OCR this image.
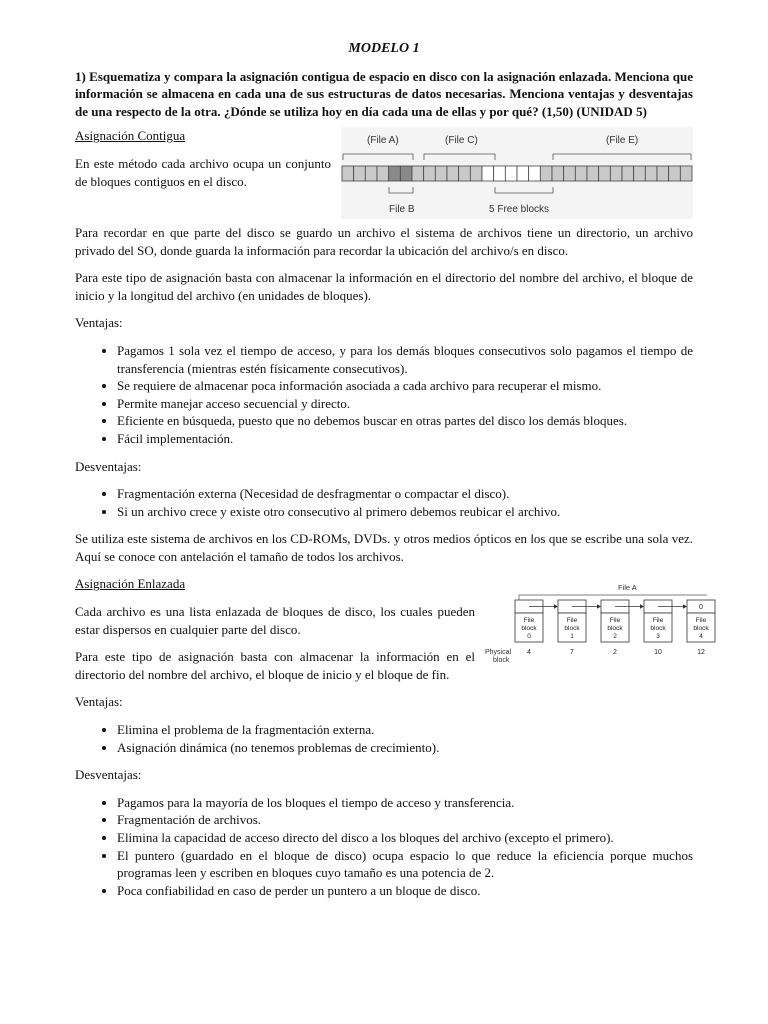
MODELO 1
1) Esquematiza y compara la asignación contigua de espacio en disco con la asignación enlazada. Menciona que información se almacena en cada una de sus estructuras de datos necesarias. Menciona ventajas y desventajas de una respecto de la otra. ¿Dónde se utiliza hoy en día cada una de ellas y por qué? (1,50) (UNIDAD 5)
Asignación Contigua

En este método cada archivo ocupa un conjunto de bloques contiguos en el disco.

(File A)	(File C)	(File E)
File B	5 Free blocks

Para recordar en que parte del disco se guardo un archivo el sistema de archivos tiene un directorio, un archivo privado del SO, donde guarda la información para recordar la ubicación del archivo/s en disco.

Para este tipo de asignación basta con almacenar la información en el directorio del nombre del archivo, el bloque de inicio y la longitud del archivo (en unidades de bloques).

Ventajas:

• Pagamos 1 sola vez el tiempo de acceso, y para los demás bloques consecutivos solo pagamos el tiempo de transferencia (mientras estén físicamente consecutivos).
• Se requiere de almacenar poca información asociada a cada archivo para recuperar el mismo.
• Permite manejar acceso secuencial y directo.
• Eficiente en búsqueda, puesto que no debemos buscar en otras partes del disco los demás bloques.
• Fácil implementación.

Desventajas:

• Fragmentación externa (Necesidad de desfragmentar o compactar el disco).
• Si un archivo crece y existe otro consecutivo al primero debemos reubicar el archivo.

Se utiliza este sistema de archivos en los CD-ROMs, DVDs. y otros medios ópticos en los que se escribe una sola vez. Aquí se conoce con antelación el tamaño de todos los archivos.

Asignación Enlazada

Cada archivo es una lista enlazada de bloques de disco, los cuales pueden estar dispersos en cualquier parte del disco.

Para este tipo de asignación basta con almacenar la información en el directorio del nombre del archivo, el bloque de inicio y el bloque de fin.

File A
File
block
0
4
File
block
1
7
File
block
2
2
File
block
3
10
File
block
4
12
0
Physical
block

Ventajas:

• Elimina el problema de la fragmentación externa.
• Asignación dinámica (no tenemos problemas de crecimiento).

Desventajas:

• Pagamos para la mayoría de los bloques el tiempo de acceso y transferencia.
• Fragmentación de archivos.
• Elimina la capacidad de acceso directo del disco a los bloques del archivo (excepto el primero).
• El puntero (guardado en el bloque de disco) ocupa espacio lo que reduce la eficiencia porque muchos programas leen y escriben en bloques cuyo tamaño es una potencia de 2.
• Poca confiabilidad en caso de perder un puntero a un bloque de disco.
